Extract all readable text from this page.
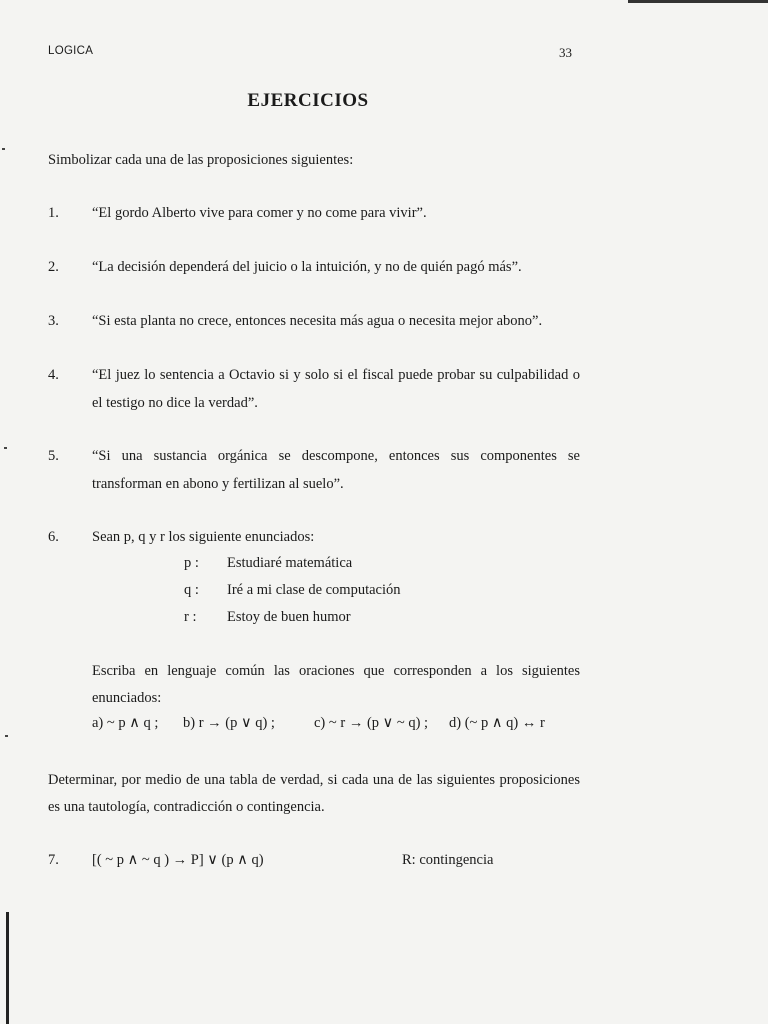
LOGICA	33
EJERCICIOS
Simbolizar cada una de las proposiciones siguientes:
1. “El gordo Alberto vive para comer y no come para vivir”.
2. “La decisión dependerá del juicio o la intuición, y no de quién pagó más”.
3. “Si esta planta no crece, entonces necesita más agua o necesita mejor abono”.
4. “El juez lo sentencia a Octavio si y solo si el fiscal puede probar su culpabilidad o el testigo no dice la verdad”.
5. “Si una sustancia orgánica se descompone, entonces sus componentes se transforman en abono y fertilizan al suelo”.
6. Sean p, q y r los siguiente enunciados:
p : Estudiaré matemática
q : Iré a mi clase de computación
r : Estoy de buen humor
Escriba en lenguaje común las oraciones que corresponden a los siguientes enunciados:
a) ~ p ∧ q ; b) r → (p ∨ q) ;	c) ~ r → (p ∨ ~ q) ; d) (~ p ∧ q) ↔ r
Determinar, por medio de una tabla de verdad, si cada una de las siguientes proposiciones es una tautología, contradicción o contingencia.
7. [( ~ p ∧ ~ q ) → P] ∨ (p ∧ q)	R: contingencia
